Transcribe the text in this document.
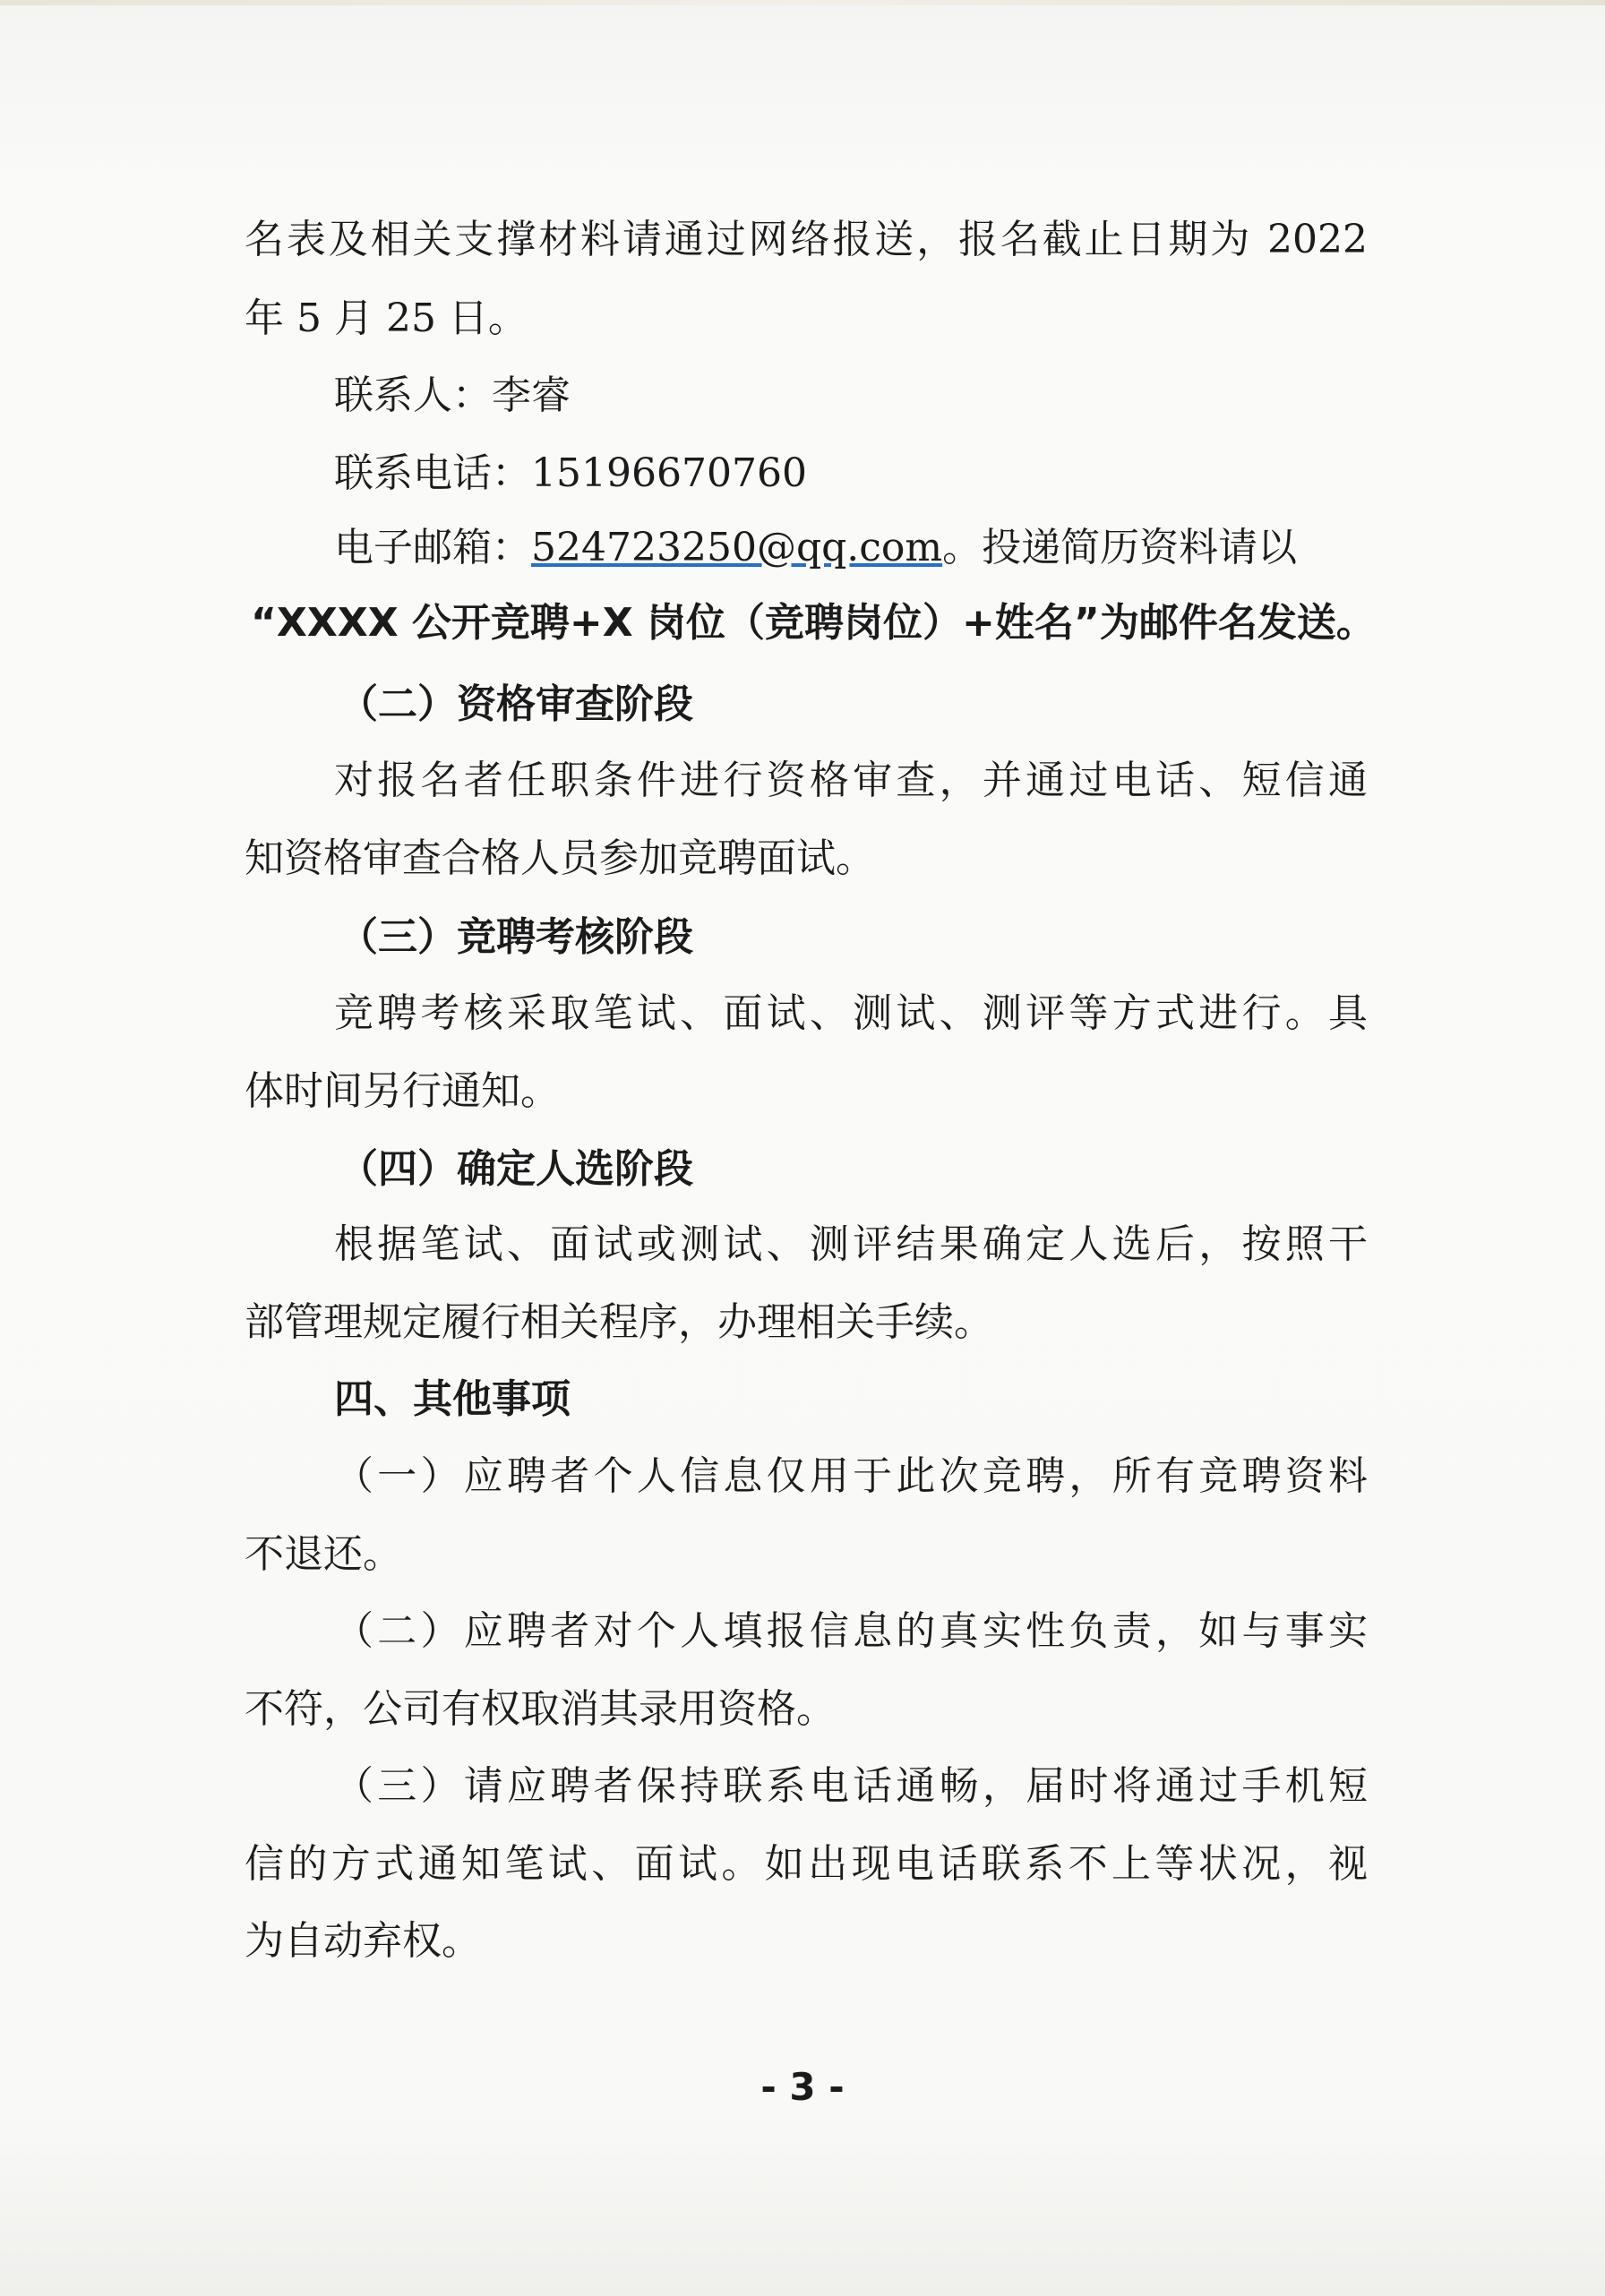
名表及相关支撑材料请通过网络报送，报名截止日期为 2022
年 5 月 25 日。
联系人：李睿
联系电话：15196670760
电子邮箱：524723250@qq.com。投递简历资料请以
“XXXX 公开竞聘+X 岗位（竞聘岗位）+姓名”为邮件名发送。
（二）资格审查阶段
对报名者任职条件进行资格审查，并通过电话、短信通
知资格审查合格人员参加竞聘面试。
（三）竞聘考核阶段
竞聘考核采取笔试、面试、测试、测评等方式进行。具
体时间另行通知。
（四）确定人选阶段
根据笔试、面试或测试、测评结果确定人选后，按照干
部管理规定履行相关程序，办理相关手续。
四、其他事项
（一）应聘者个人信息仅用于此次竞聘，所有竞聘资料
不退还。
（二）应聘者对个人填报信息的真实性负责，如与事实
不符，公司有权取消其录用资格。
（三）请应聘者保持联系电话通畅，届时将通过手机短
信的方式通知笔试、面试。如出现电话联系不上等状况，视
为自动弃权。
- 3 -
